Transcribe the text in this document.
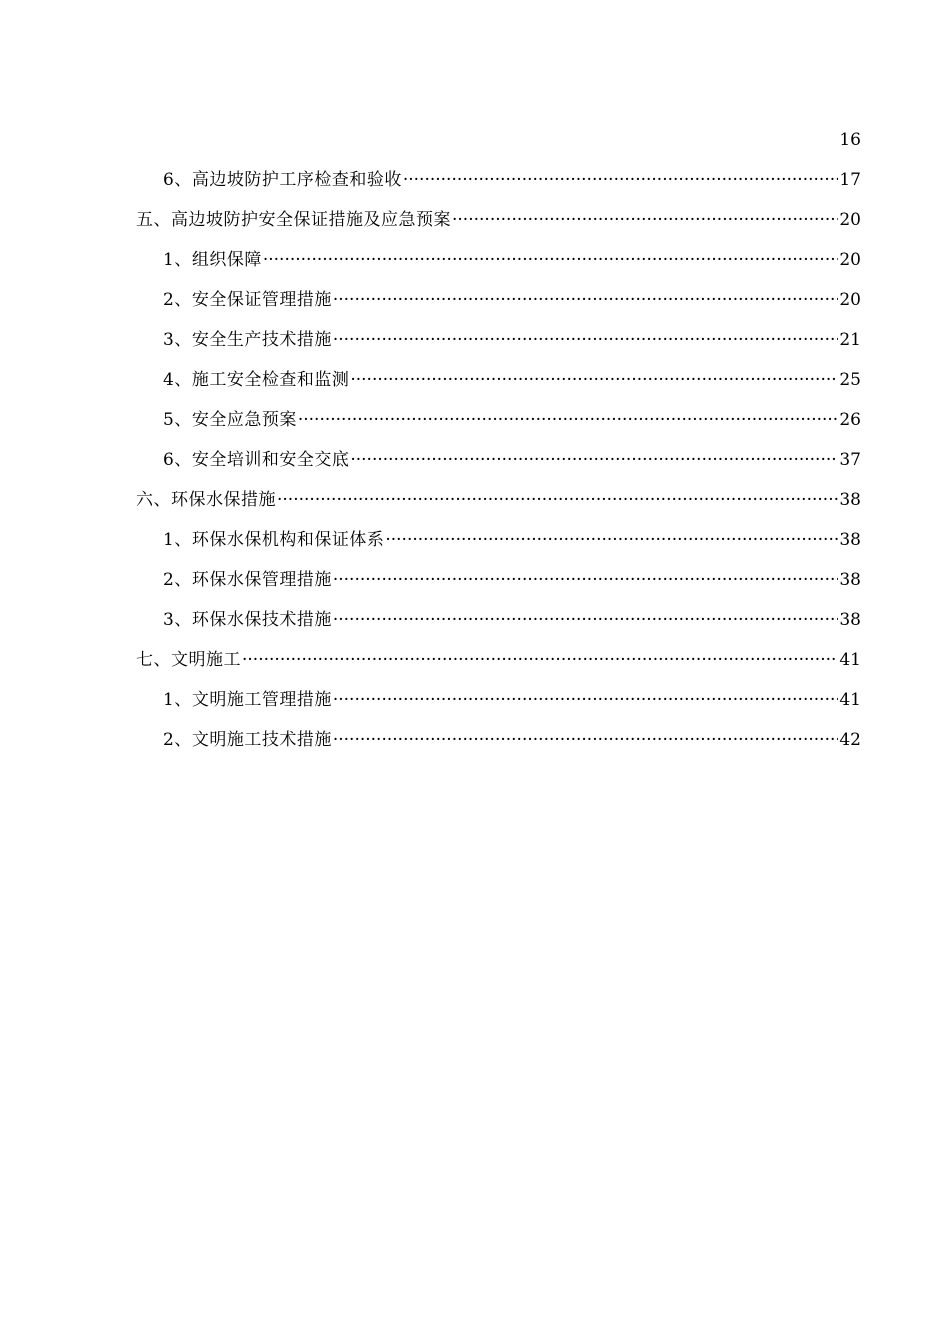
16
6、高边坡防护工序检查和验收 ·····	17
五、高边坡防护安全保证措施及应急预案 ·····	20
1、组织保障 ·····	20
2、安全保证管理措施 ·····	20
3、安全生产技术措施 ·····	21
4、施工安全检查和监测 ·····	25
5、安全应急预案 ·····	26
6、安全培训和安全交底 ·····	37
六、环保水保措施 ·····	38
1、环保水保机构和保证体系 ·····	38
2、环保水保管理措施 ·····	38
3、环保水保技术措施 ·····	38
七、文明施工 ·····	41
1、文明施工管理措施 ·····	41
2、文明施工技术措施 ·····	42
